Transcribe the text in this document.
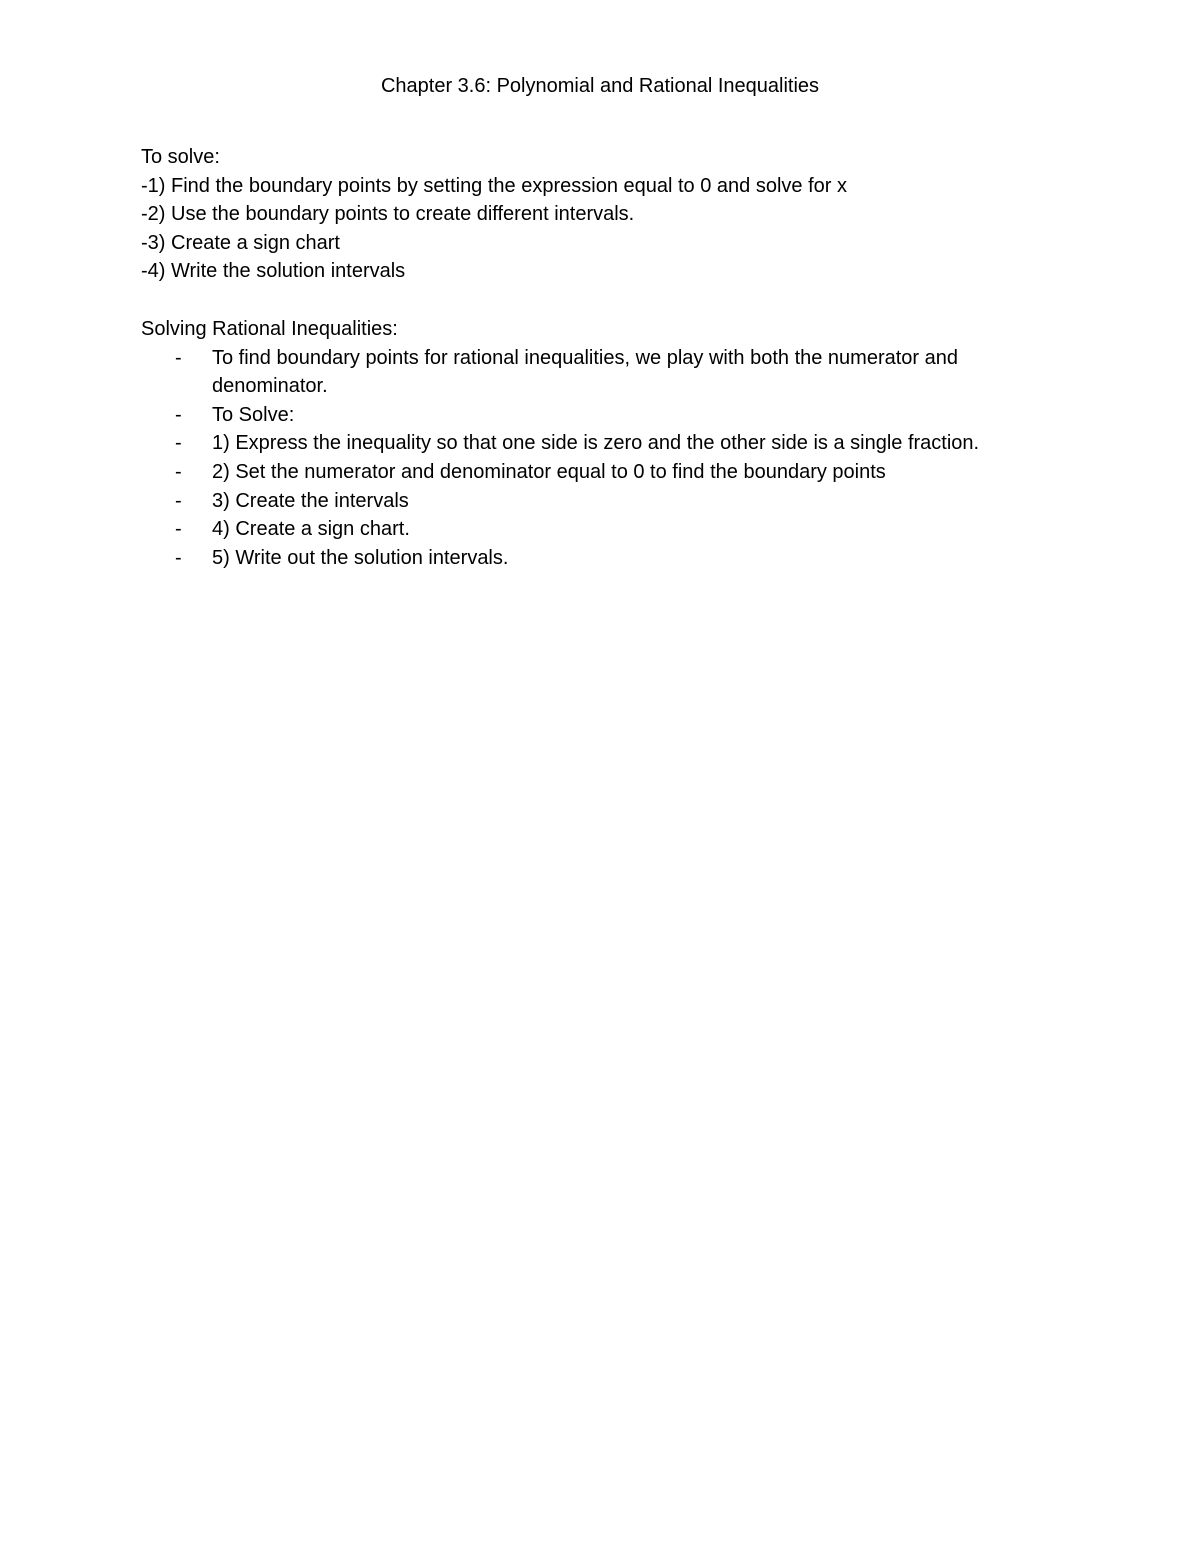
Chapter 3.6: Polynomial and Rational Inequalities
To solve:
-1) Find the boundary points by setting the expression equal to 0 and solve for x
-2) Use the boundary points to create different intervals.
-3) Create a sign chart
-4) Write the solution intervals
Solving Rational Inequalities:
- To find boundary points for rational inequalities, we play with both the numerator and denominator.
- To Solve:
- 1) Express the inequality so that one side is zero and the other side is a single fraction.
- 2) Set the numerator and denominator equal to 0 to find the boundary points
- 3) Create the intervals
- 4) Create a sign chart.
- 5) Write out the solution intervals.
